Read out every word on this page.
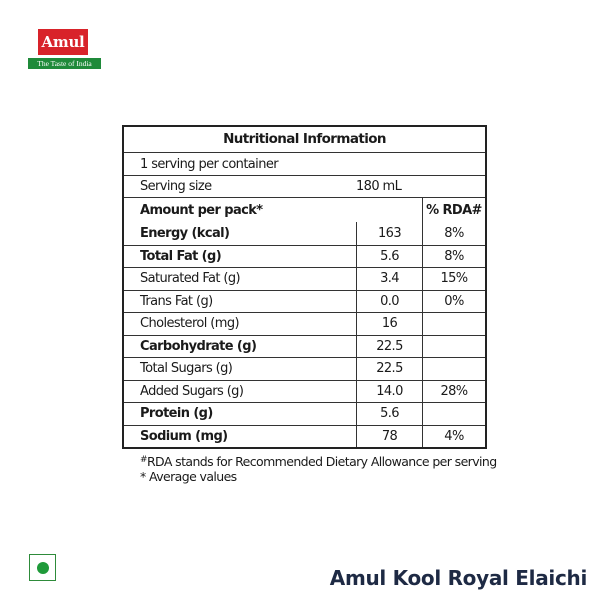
Amul
The Taste of India
Nutritional Information
1 serving per container
Serving size	180 mL
Amount per pack*	% RDA#
Energy (kcal)	163	8%
Total Fat (g)	5.6	8%
Saturated Fat (g)	3.4	15%
Trans Fat (g)	0.0	0%
Cholesterol (mg)	16
Carbohydrate (g)	22.5
Total Sugars (g)	22.5
Added Sugars (g)	14.0	28%
Protein (g)	5.6
Sodium (mg)	78	4%
#RDA stands for Recommended Dietary Allowance per serving
* Average values
Amul Kool Royal Elaichi
